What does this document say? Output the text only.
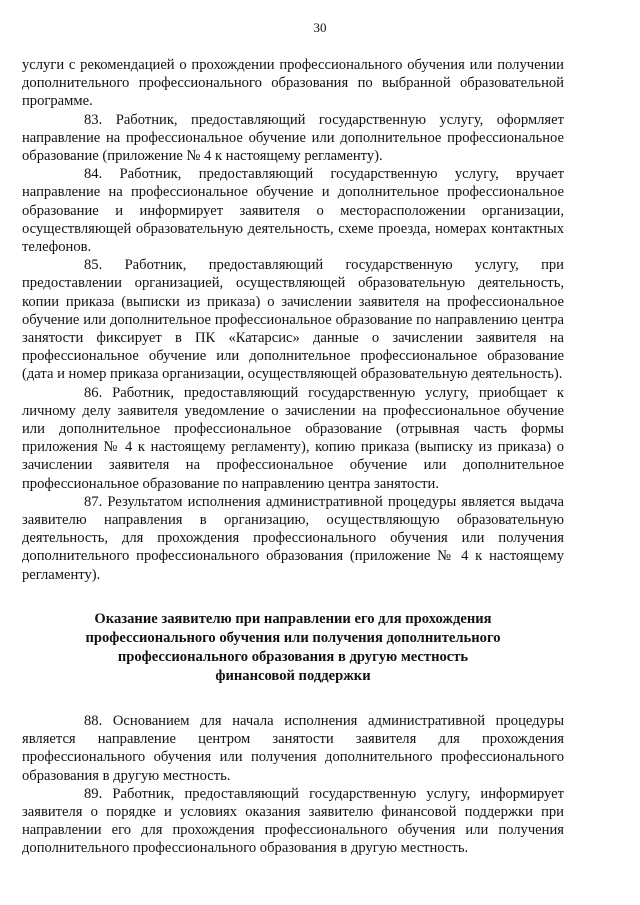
30

услуги с рекомендацией о прохождении профессионального обучения или получении дополнительного профессионального образования по выбранной образовательной программе.

83. Работник, предоставляющий государственную услугу, оформляет направление на профессиональное обучение или дополнительное профессиональное образование (приложение № 4 к настоящему регламенту).

84. Работник, предоставляющий государственную услугу, вручает направление на профессиональное обучение и дополнительное профессиональное образование и информирует заявителя о месторасположении организации, осуществляющей образовательную деятельность, схеме проезда, номерах контактных телефонов.

85. Работник, предоставляющий государственную услугу, при предоставлении организацией, осуществляющей образовательную деятельность, копии приказа (выписки из приказа) о зачислении заявителя на профессиональное обучение или дополнительное профессиональное образование по направлению центра занятости фиксирует в ПК «Катарсис» данные о зачислении заявителя на профессиональное обучение или дополнительное профессиональное образование (дата и номер приказа организации, осуществляющей образовательную деятельность).

86. Работник, предоставляющий государственную услугу, приобщает к личному делу заявителя уведомление о зачислении на профессиональное обучение или дополнительное профессиональное образование (отрывная часть формы приложения № 4 к настоящему регламенту), копию приказа (выписку из приказа) о зачислении заявителя на профессиональное обучение или дополнительное профессиональное образование по направлению центра занятости.

87. Результатом исполнения административной процедуры является выдача заявителю направления в организацию, осуществляющую образовательную деятельность, для прохождения профессионального обучения или получения дополнительного профессионального образования (приложение № 4 к настоящему регламенту).

Оказание заявителю при направлении его для прохождения
профессионального обучения или получения дополнительного
профессионального образования в другую местность
финансовой поддержки

88. Основанием для начала исполнения административной процедуры является направление центром занятости заявителя для прохождения профессионального обучения или получения дополнительного профессионального образования в другую местность.

89. Работник, предоставляющий государственную услугу, информирует заявителя о порядке и условиях оказания заявителю финансовой поддержки при направлении его для прохождения профессионального обучения или получения дополнительного профессионального образования в другую местность.
